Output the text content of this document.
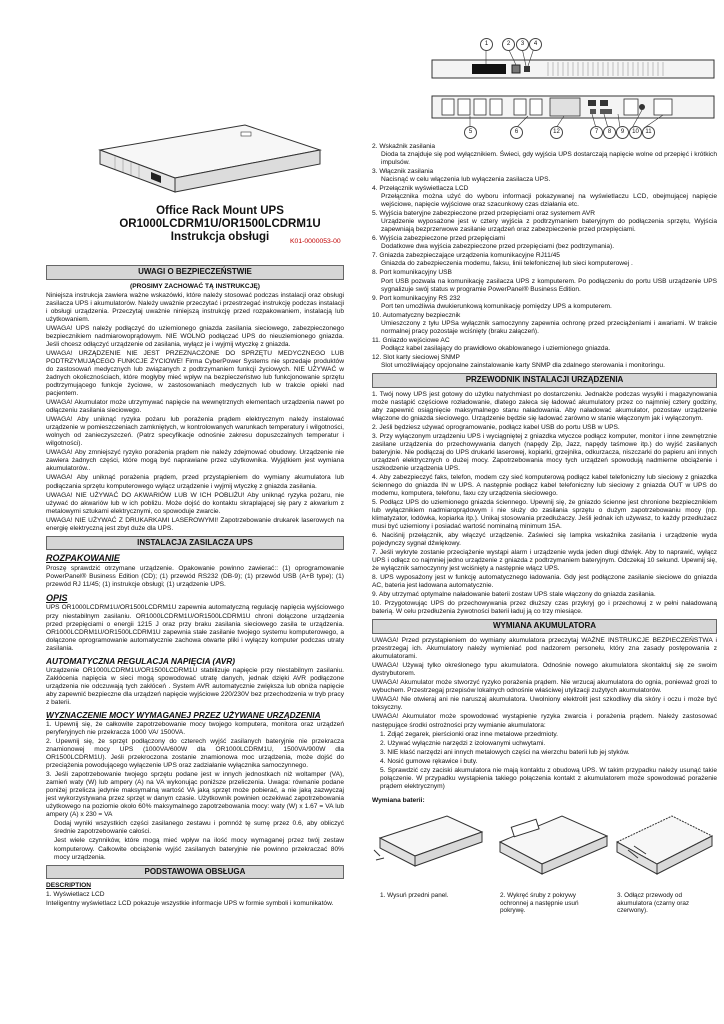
1	2	3	4
5	6	12	7	8	9	10	11
Office Rack Mount UPS
OR1000LCDRM1U/OR1500LCDRM1U
Instrukcja obsługi	K01-0000053-00
UWAGI O BEZPIECZEŃSTWIE

(PROSIMY ZACHOWAĆ TĄ INSTRUKCJĘ)

Niniejsza instrukcja zawiera ważne wskazówki, które należy stosować podczas instalacji oraz obsługi zasilacza UPS i akumulatorów. Należy uważnie przeczytać i przestrzegać instrukcję podczas instalacji i obsługi urządzenia. Przeczytaj uważnie niniejszą instrukcję przed rozpakowaniem, instalacją lub użytkowaniem.

UWAGA! UPS należy podłączyć do uziemionego gniazda zasilania sieciowego, zabezpieczonego bezpiecznikiem nadmiarowoprądowym. NIE WOLNO podłączać UPS do nieuziemionego gniazda. Jeśli chcesz odłączyć urządzenie od zasilania, wyłącz je i wyjmij wtyczkę z gniazda.

UWAGA! URZĄDZENIE NIE JEST PRZEZNACZONE DO SPRZĘTU MEDYCZNEGO LUB PODTRZYMUJĄCEGO FUNKCJE ŻYCIOWE! Firma CyberPower Systems nie sprzedaje produktów do zastosowań medycznych lub związanych z podtrzymaniem funkcji życiowych. NIE UŻYWAĆ w żadnych okolicznościach, które mogłyby mieć wpływ na bezpieczeństwo lub funkcjonowanie sprzętu podtrzymującego funkcje życiowe, w zastosowaniach medycznych lub w trakcie opieki nad pacjentem.

UWAGA! Akumulator może utrzymywać napięcie na wewnętrznych elementach urządzenia nawet po odłączeniu zasilania sieciowego.

UWAGA! Aby uniknąć ryzyka pożaru lub porażenia prądem elektrycznym należy instalować urządzenie w pomieszczeniach zamkniętych, w kontrolowanych warunkach temperatury i wilgotności, wolnych od zanieczyszczeń. (Patrz specyfikacje odnośnie zakresu dopuszczalnych temperatur i wilgotności).

UWAGA! Aby zmniejszyć ryzyko porażenia prądem nie należy zdejmować obudowy. Urządzenie nie zawiera żadnych części, które mogą być naprawiane przez użytkownika. Wyjątkiem jest wymiana akumulatorów..

UWAGA! Aby uniknąć porażenia prądem, przed przystąpieniem do wymiany akumulatora lub podłączania sprzętu komputerowego wyłącz urządzenie i wyjmij wtyczkę z gniazda zasilania.

UWAGA! NIE UŻYWAĆ DO AKWARIÓW LUB W ICH POBLIŻU! Aby uniknąć ryzyka pożaru, nie używać do akwariów lub w ich pobliżu. Może dojść do kontaktu skraplającej się pary z akwarium z metalowymi sztukami elektrycznymi, co spowoduje zwarcie.

UWAGA! NIE UŻYWAĆ Z DRUKARKAMI LASEROWYMI! Zapotrzebowanie drukarek laserowych na energię elektryczną jest zbyt duże dla UPS.

INSTALACJA ZASILACZA UPS
ROZPAKOWANIE

Proszę sprawdzić otrzymane urządzenie. Opakowanie powinno zawierać:: (1) oprogramowanie PowerPanel® Business Edition (CD); (1) przewód RS232 (DB-9); (1) przewód USB (A+B type); (1) przewód RJ 11/45; (1) instrukcje obsługi; (1) urządzenie UPS.

OPIS

UPS OR1000LCDRM1U/OR1500LCDRM1U zapewnia automatyczną regulację napięcia wyjściowego przy niestabilnym zasilaniu. OR1000LCDRM1U/OR1500LCDRM1U chroni dołączone urządzenia przed przepięciami o energii 1215 J oraz przy braku zasilania sieciowego zasila te urządzenia. OR1000LCDRM1U/OR1500LCDRM1U zapewnia stałe zasilanie twojego systemu komputerowego, a dołączone oprogramowanie automatycznie zachowa otwarte pliki i wyłączy komputer podczas utraty zasilania.

AUTOMATYCZNA REGULACJA NAPIĘCIA (AVR)

Urządzenie OR1000LCDRM1U/OR1500LCDRM1U stabilizuje napięcie przy niestabilnym zasilaniu. Zakłócenia napięcia w sieci mogą spowodować utratę danych, jednak dzięki AVR podłączone urządzenia nie odczuwają tych zakłóceń . System AVR automatycznie zwiększa lub obniża napięcie aby zapewnić bezpieczne dla urządzeń napięcie wyjściowe 220/230V bez przechodzenia w tryb pracy z baterii.

WYZNACZENIE MOCY WYMAGANEJ PRZEZ UŻYWANE URZĄDZENIA

1. Upewnij się, że całkowite zapotrzebowanie mocy twojego komputera, monitora oraz urządzeń peryferyjnych nie przekracza 1000 VA/ 1500VA.

2. Upewnij się, że sprzęt podłączony do czterech wyjść zasilanych bateryjnie nie przekracza znamionowej mocy UPS (1000VA/600W dla OR1000LCDRM1U, 1500VA/900W dla OR1500LCDRM1U). Jeśli przekroczona zostanie znamionowa moc urządzenia, może dojść do przeciążenia powodującego wyłączenie UPS oraz zadziałanie wyłącznika samoczynnego.

3. Jeśli zapotrzebowanie twojego sprzętu podane jest w innych jednostkach niż woltamper (VA), zamień waty (W) lub ampery (A) na VA wykonując poniższe przeliczenia. Uwaga: równanie podane poniżej przelicza jedynie maksymalną wartość VA jaką sprzęt może pobierać, a nie jaką zazwyczaj jest wykorzystywana przez sprzęt w danym czasie. Użytkownik powinien oczekiwać zapotrzebowania użytkowego na poziomie około 60% maksymalnego zapotrzebowania mocy: waty (W) x 1.67 = VA lub ampery (A) x 230 = VA

Dodaj wyniki wszystkich części zasilanego zestawu i pomnóż tę sumę przez 0.6, aby obliczyć średnie zapotrzebowanie całości.

Jest wiele czynników, które mogą mieć wpływ na ilość mocy wymaganej przez twój zestaw komputerowy. Całkowite obciążenie wyjść zasilanych bateryjnie nie powinno przekraczać 80% mocy urządzenia.

PODSTAWOWA OBSŁUGA

DESCRIPTION

1. Wyświetlacz LCD

Inteligentny wyświetlacz LCD pokazuje wszystkie informacje UPS w formie symboli i komunikatów.

2. Wskaźnik zasilania
Dioda ta znajduje się pod wyłącznikiem. Świeci, gdy wyjścia UPS dostarczają napięcie wolne od przepięć i krótkich impulsów.
3. Włącznik zasilania
Nacisnąć w celu włączenia lub wyłączenia zasilacza UPS.
4. Przełącznik wyświetlacza LCD
Przełącznika można użyć do wyboru informacji pokazywanej na wyświetlaczu LCD, obejmującej napięcie wejściowe, napięcie wyjściowe oraz szacunkowy czas działania etc.
5. Wyjścia bateryjne zabezpieczone przed przepięciami oraz systemem AVR
Urządzenie wyposażone jest w cztery wyjścia z podtrzymaniem bateryjnym do podłączenia sprzętu, Wyjścia zapewniają bezprzerwowe zasilanie urządzeń oraz zabezpieczenie przed przepięciami.
6. Wyjścia zabezpieczone przed przepięciami
Dodatkowe dwa wyjścia zabezpieczone przed przepięciami (bez podtrzymania).
7. Gniazda zabezpieczające urządzenia komunikacyjne RJ11/45
Gniazda do zabezpieczenia modemu, faksu, linii telefonicznej lub sieci komputerowej .
8. Port komunikacyjny USB
Port USB pozwala na komunikację zasilacza UPS z komputerem. Po podłączeniu do portu USB urządzenie UPS sygnalizuje swój status w programie PowerPanel® Business Edition.
9. Port komunikacyjny RS 232
Port ten umożliwia dwukierunkową komunikację pomiędzy UPS a komputerem.
10. Automatyczny bezpiecznik
Umieszczony z tyłu UPSa wyłącznik samoczynny zapewnia ochronę przed przeciążeniami i awariami. W trakcie normalnej pracy pozostaje wciśnięty (braku załączeń).
11. Gniazdo wejściowe AC
Podłącz kabel zasilający do prawidłowo okablowanego i uziemionego gniazda.
12. Slot karty sieciowej SNMP
Slot umożliwiający opcjonalne zainstalowanie karty SNMP dla zdalnego sterowania i monitoringu.
PRZEWODNIK INSTALACJI URZĄDZENIA

1. Twój nowy UPS jest gotowy do użytku natychmiast po dostarczeniu. Jednakże podczas wysyłki i magazynowania może nastąpić częściowe rozładowanie, dlatego zaleca się ładować akumulatory przez co najmniej cztery godziny, aby zapewnić osiągnięcie maksymalnego stanu naładowania. Aby naładować akumulator, pozostaw urządzenie włączone do gniazda sieciowego. Urządzenie będzie się ładować zarówno w stanie włączonym jak i wyłączonym.

2. Jeśli będziesz używać oprogramowanie, podłącz kabel USB do portu USB w UPS.

3. Przy wyłączonym urządzeniu UPS i wyciągniętej z gniazdka wtyczce podłącz komputer, monitor i inne zewnętrznie zasilane urządzenia do przechowywania danych (napędy Zip, Jazz, napędy taśmowe itp.) do wyjść zasilanych bateryjnie. Nie podłączaj do UPS drukarki laserowej, kopiarki, grzejnika, odkurzacza, niszczarki do papieru ani innych urządzeń elektrycznych o dużej mocy. Zapotrzebowania mocy tych urządzeń spowodują nadmierne obciążenie i uszkodzenie urządzenia UPS.

4. Aby zabezpieczyć faks, telefon, modem czy sieć komputerową podłącz kabel telefoniczny lub sieciowy z gniazdka ściennego do gniazda IN w UPS. A następnie podłącz kabel telefoniczny lub sieciowy z gniazda OUT w UPS do modemu, komputera, telefonu, faxu czy urządzenia sieciowego.

5. Podłącz UPS do uziemionego gniazda ściennego. Upewnij się, że gniazdo ścienne jest chronione bezpiecznikiem lub wyłącznikiem nadmiaroprądowym i nie służy do zasilania sprzętu o dużym zapotrzebowaniu mocy (np. klimatyzator, lodówka, kopiarka itp.). Unikaj stosowania przedłużaczy. Jeśli jednak ich używasz, to każdy przedłużacz musi być uziemiony i posiadać wartość nominalną minimum 15A.

6. Naciśnij przełącznik, aby włączyć urządzenie. Zaświeci się lampka wskaźnika zasilania i urządzenie wyda pojedynczy sygnał dźwiękowy.

7. Jeśli wykryte zostanie przeciążenie wystąpi alarm i urządzenie wyda jeden długi dźwięk. Aby to naprawić, wyłącz UPS i odłącz co najmniej jedno urządzenie z gniazda z podtrzymaniem bateryjnym. Odczekaj 10 sekund. Upewnij się, że wyłącznik samoczynny jest wciśnięty a następnie włącz UPS.

8. UPS wyposażony jest w funkcję automatycznego ładowania. Gdy jest podłączone zasilanie sieciowe do gniazda AC, bateria jest ładowana automatycznie.

9. Aby utrzymać optymalne naładowanie baterii zostaw UPS stale włączony do gniazda zasilania.

10. Przygotowując UPS do przechowywania przez dłuższy czas przykryj go i przechowuj z w pełni naładowaną baterią. W celu przedłużenia żywotności baterii ładuj ją co trzy miesiące.

WYMIANA AKUMULATORA

UWAGA! Przed przystąpieniem do wymiany akumulatora przeczytaj WAŻNE INSTRUKCJE BEZPIECZEŃSTWA i przestrzegaj ich. Akumulatory należy wymieniać pod nadzorem personelu, który zna zasady postępowania z akumulatorami.

UWAGA! Używaj tylko określonego typu akumulatora. Odnośnie nowego akumulatora skontaktuj się ze swoim dystrybutorem.

UWAGA! Akumulator może stworzyć ryzyko porażenia prądem. Nie wrzucaj akumulatora do ognia, ponieważ grozi to wybuchem. Przestrzegaj przepisów lokalnych odnośnie właściwej utylizacji zużytych akumulatorów.

UWAGA! Nie otwieraj ani nie naruszaj akumulatora. Uwolniony elektrolit jest szkodliwy dla skóry i oczu i może być toksyczny.

UWAGA! Akumulator może spowodować wystąpienie ryzyka zwarcia i porażenia prądem. Należy zastosować następujące środki ostrożności przy wymianie akumulatora:

1. Zdjąć zegarek, pierścionki oraz inne metalowe przedmioty.

2. Używać wyłącznie narzędzi z izolowanymi uchwytami.

3. NIE kłaść narzędzi ani innych metalowych części na wierzchu baterii lub jej styków.

4. Nosić gumowe rękawice i buty.

5. Sprawdzić czy zaciski akumulatora nie mają kontaktu z obudową UPS. W takim przypadku należy usunąć takie połączenie. W przypadku wystąpienia takiego połączenia kontakt z akumulatorem może spowodować porażenie prądem elektrycznym)

Wymiana baterii:

1. Wysuń przedni panel.	2. Wykręć śruby z pokrywy ochronnej a następnie usuń pokrywę.
3. Odłącz przewody od akumulatora (czarny oraz czerwony).
